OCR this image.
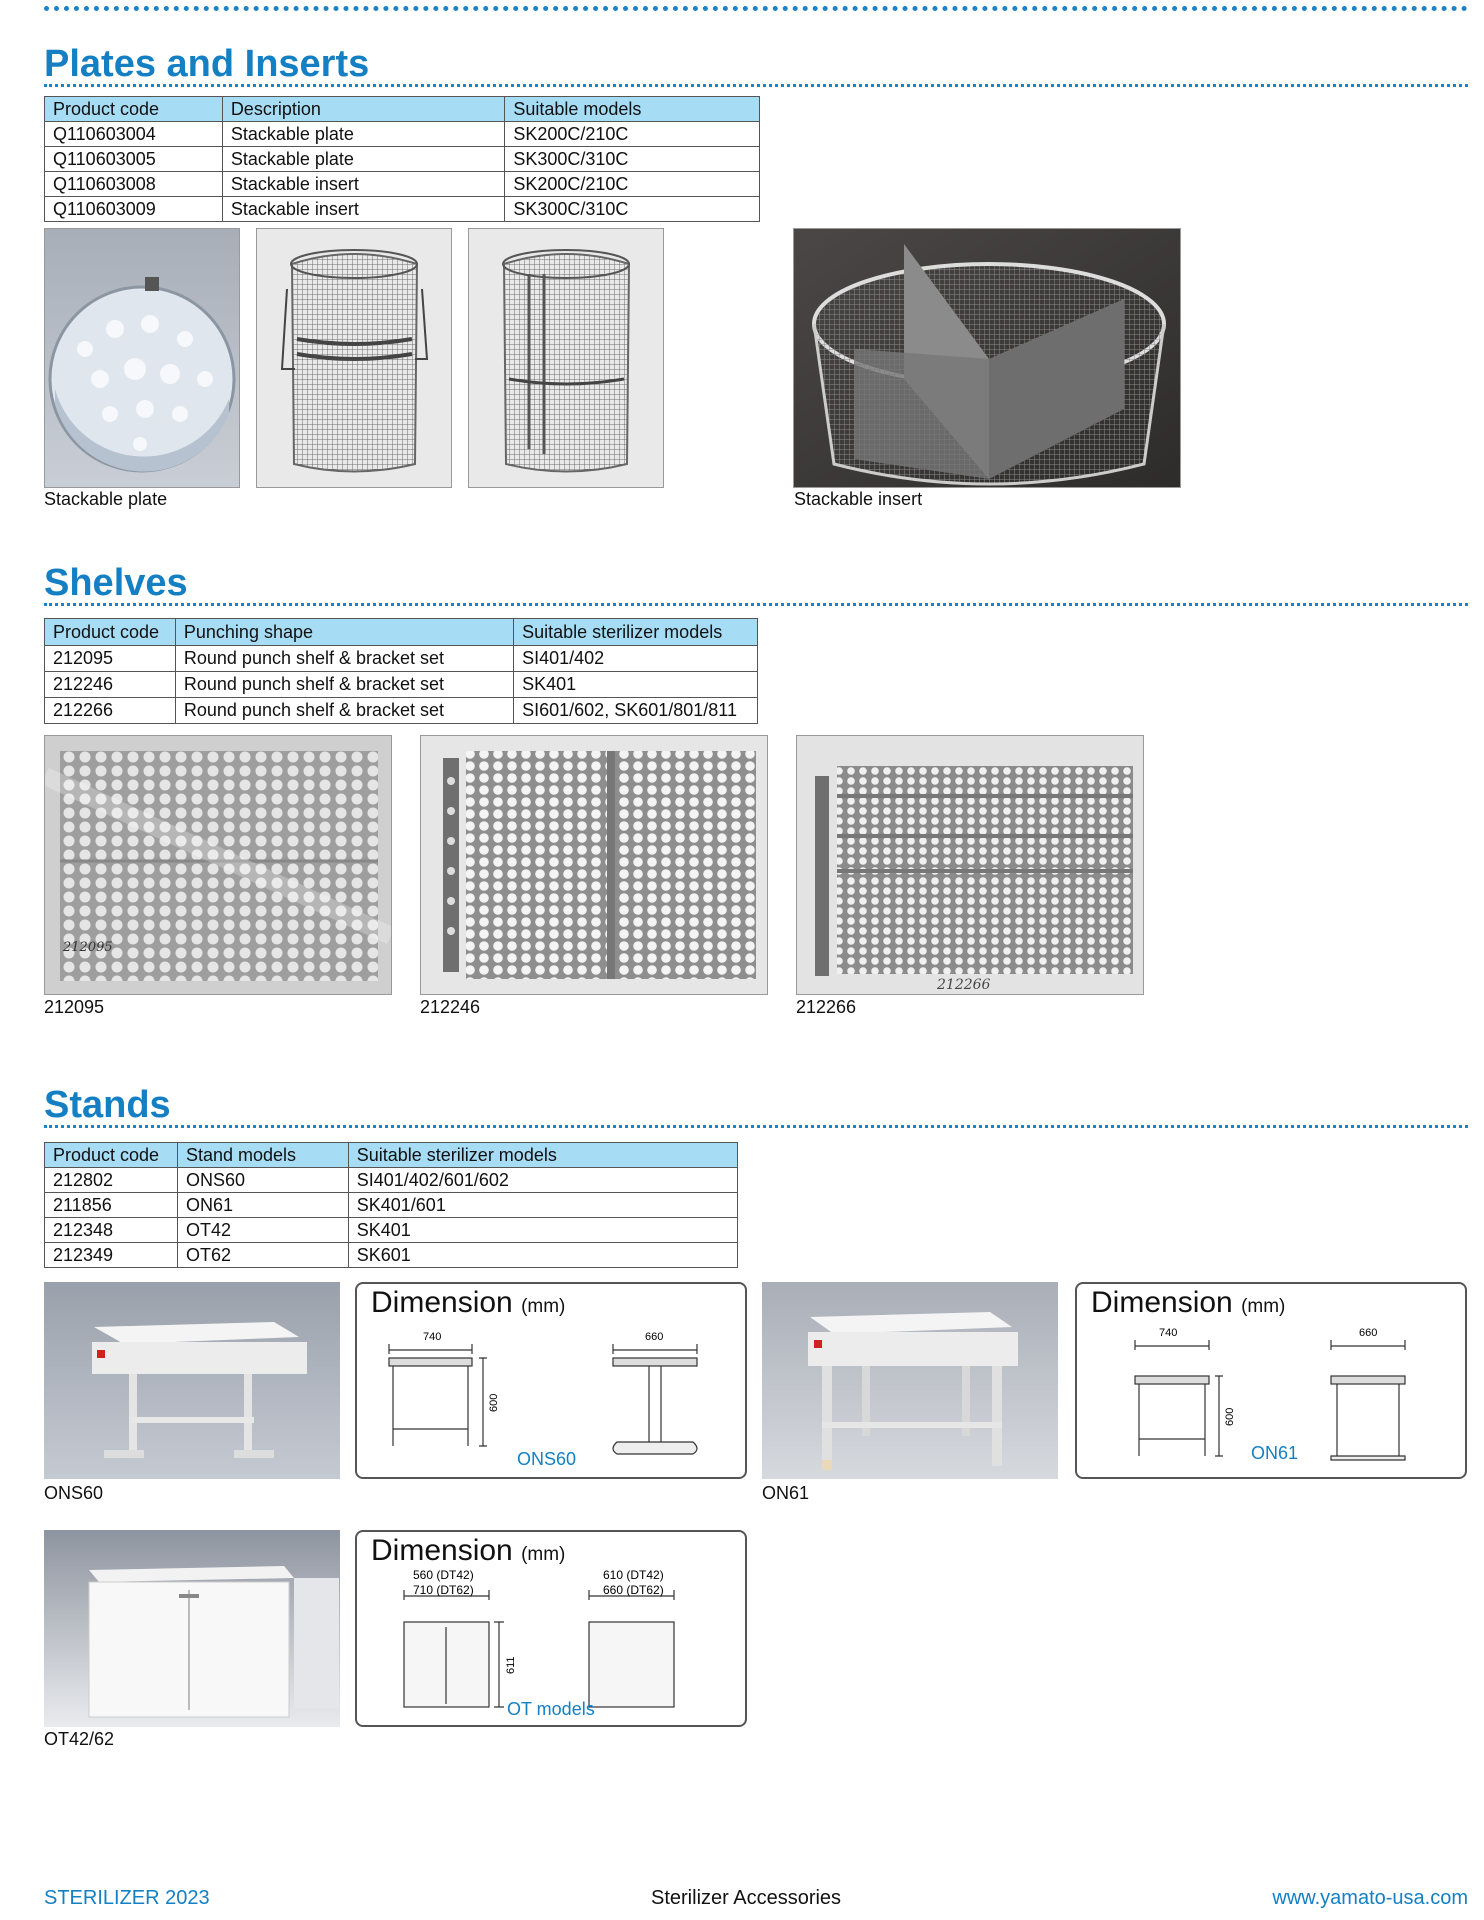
Plates and Inserts
Product code	Description	Suitable models
Q110603004	Stackable plate	SK200C/210C
Q110603005	Stackable plate	SK300C/310C
Q110603008	Stackable insert	SK200C/210C
Q110603009	Stackable insert	SK300C/310C
Stackable plate	Stackable insert
Shelves
Product code	Punching shape	Suitable sterilizer models
212095	Round punch shelf & bracket set	SI401/402
212246	Round punch shelf & bracket set	SK401
212266	Round punch shelf & bracket set	SI601/602, SK601/801/811
212095
212266
212095	212246	212266
Stands
Product code	Stand models	Suitable sterilizer models
212802	ONS60	SI401/402/601/602
211856	ON61	SK401/601
212348	OT42	SK401
212349	OT62	SK601
Dimension (mm)
740	660
600
ONS60
Dimension (mm)
740	660
600
ON61
ONS60	ON61
Dimension (mm)
560 (DT42)
710 (DT62)
610 (DT42)
660 (DT62)
611
OT models
OT42/62
STERILIZER 2023	Sterilizer Accessories	www.yamato-usa.com
